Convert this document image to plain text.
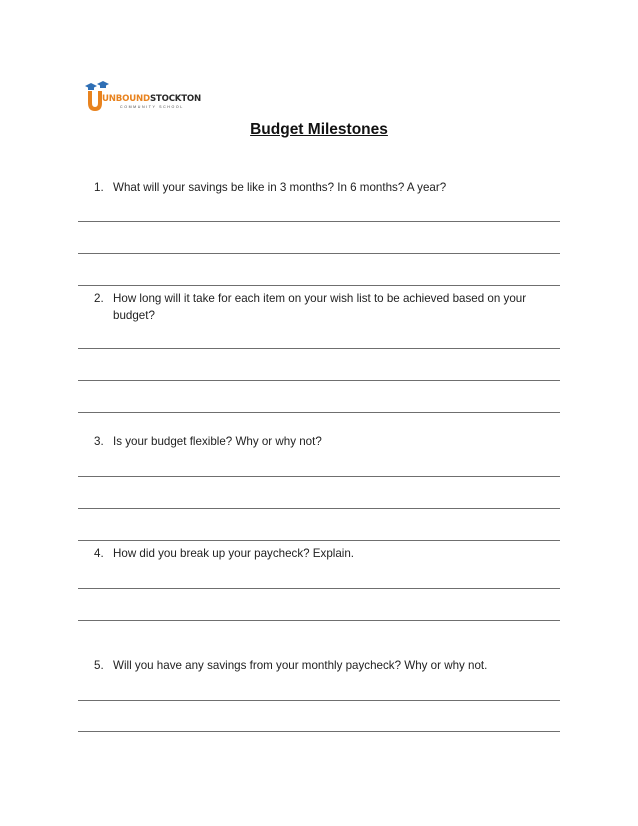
UNBOUNDSTOCKTON
COMMUNITY SCHOOL
Budget Milestones
1. What will your savings be like in 3 months? In 6 months? A year?
2. How long will it take for each item on your wish list to be achieved based on your budget?
3. Is your budget flexible? Why or why not?
4. How did you break up your paycheck? Explain.
5. Will you have any savings from your monthly paycheck? Why or why not.
